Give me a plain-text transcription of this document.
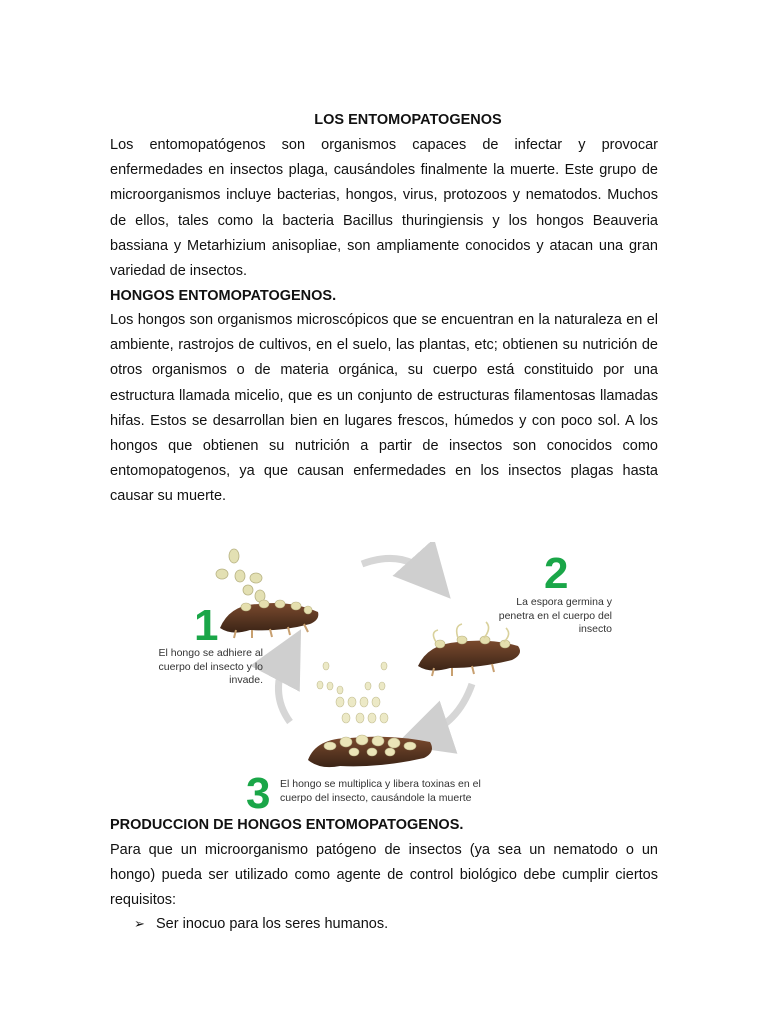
LOS ENTOMOPATOGENOS

Los entomopatógenos son organismos capaces de infectar y provocar enfermedades en insectos plaga, causándoles finalmente la muerte. Este grupo de microorganismos incluye bacterias, hongos, virus, protozoos y nematodos. Muchos de ellos, tales como la bacteria Bacillus thuringiensis y los hongos Beauveria bassiana y Metarhizium anisopliae, son ampliamente conocidos y atacan una gran variedad de insectos.

HONGOS ENTOMOPATOGENOS.

Los hongos son organismos microscópicos que se encuentran en la naturaleza en el ambiente, rastrojos de cultivos, en el suelo, las plantas, etc; obtienen su nutrición de otros organismos o de materia orgánica, su cuerpo está constituido por una estructura llamada micelio, que es un conjunto de estructuras filamentosas llamadas hifas. Estos se desarrollan bien en lugares frescos, húmedos y con poco sol. A los hongos que obtienen su nutrición a partir de insectos son conocidos como entomopatogenos, ya que causan enfermedades en los insectos plagas hasta causar su muerte.

1
El hongo se adhiere al cuerpo del insecto y lo invade.
2
La espora germina y penetra en el cuerpo del insecto
3 El hongo se multiplica y libera toxinas en el cuerpo del insecto, causándole la muerte
PRODUCCION DE HONGOS ENTOMOPATOGENOS.

Para que un microorganismo patógeno de insectos (ya sea un nematodo o un hongo) pueda ser utilizado como agente de control biológico debe cumplir ciertos requisitos:

➢ Ser inocuo para los seres humanos.
